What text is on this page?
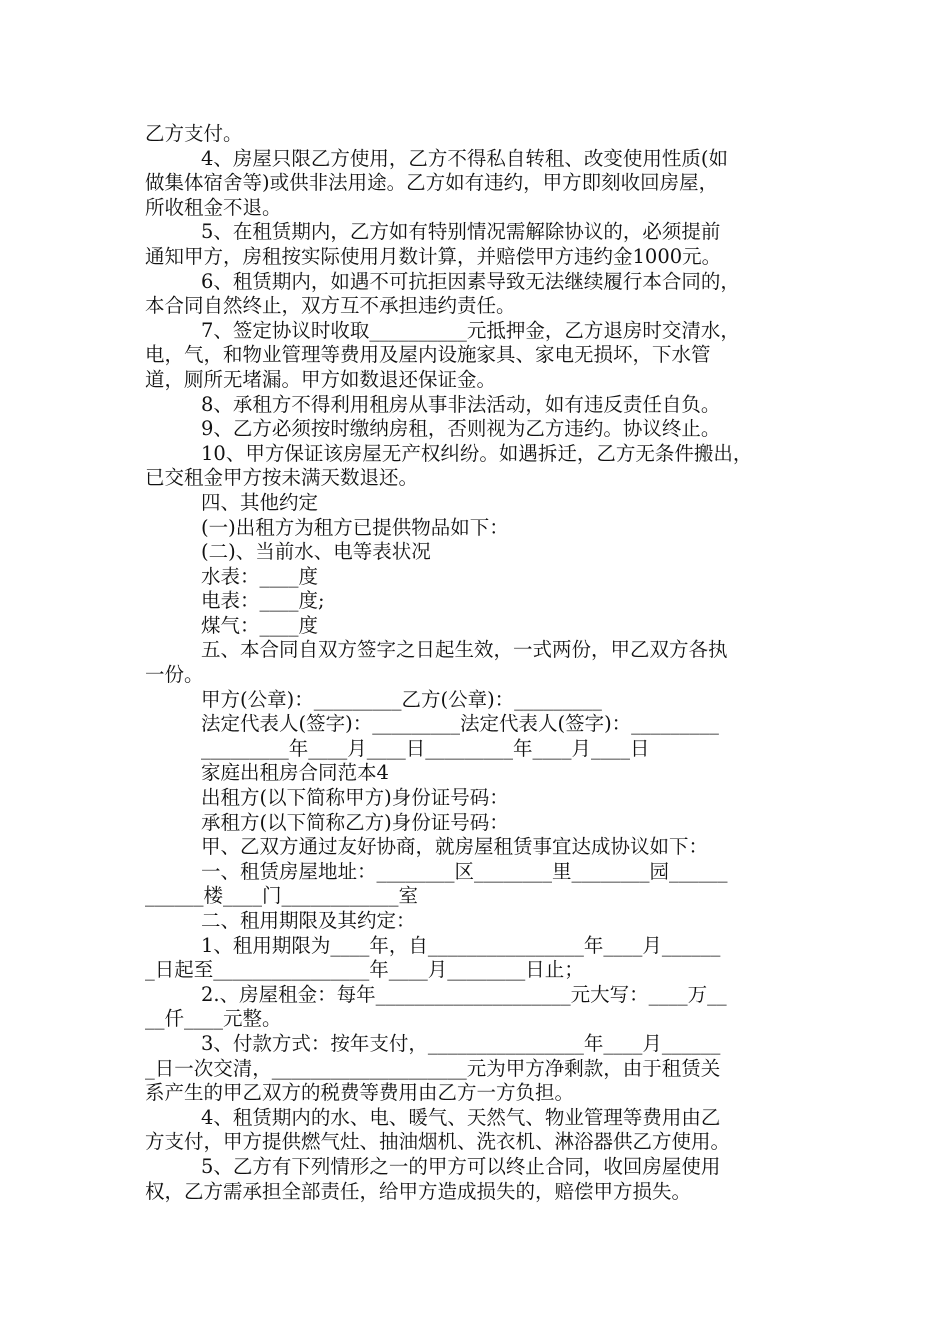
乙方支付。

4、房屋只限乙方使用，乙方不得私自转租、改变使用性质(如

做集体宿舍等)或供非法用途。乙方如有违约，甲方即刻收回房屋，

所收租金不退。

5、在租赁期内，乙方如有特别情况需解除协议的，必须提前

通知甲方，房租按实际使用月数计算，并赔偿甲方违约金1000元。

6、租赁期内，如遇不可抗拒因素导致无法继续履行本合同的，

本合同自然终止，双方互不承担违约责任。

7、签定协议时收取__________元抵押金，乙方退房时交清水，

电，气，和物业管理等费用及屋内设施家具、家电无损坏，下水管

道，厕所无堵漏。甲方如数退还保证金。

8、承租方不得利用租房从事非法活动，如有违反责任自负。

9、乙方必须按时缴纳房租，否则视为乙方违约。协议终止。

10、甲方保证该房屋无产权纠纷。如遇拆迁，乙方无条件搬出，

已交租金甲方按未满天数退还。

四、其他约定

(一)出租方为租方已提供物品如下：

(二)、当前水、电等表状况

水表：____度

电表：____度;

煤气：____度

五、本合同自双方签字之日起生效，一式两份，甲乙双方各执

一份。

甲方(公章)：_________乙方(公章)：_________

法定代表人(签字)：_________法定代表人(签字)：_________

_________年____月____日_________年____月____日

家庭出租房合同范本4

出租方(以下简称甲方)身份证号码：

承租方(以下简称乙方)身份证号码：

甲、乙双方通过友好协商，就房屋租赁事宜达成协议如下：

一、租赁房屋地址：________区________里________园______

______楼____门____________室

二、租用期限及其约定：

1、租用期限为____年，自________________年____月______

_日起至________________年____月________日止；

2.、房屋租金：每年____________________元大写：____万__

__仟____元整。

3、付款方式：按年支付，________________年____月______

_日一次交清，____________________元为甲方净剩款，由于租赁关

系产生的甲乙双方的税费等费用由乙方一方负担。

4、租赁期内的水、电、暖气、天然气、物业管理等费用由乙

方支付，甲方提供燃气灶、抽油烟机、洗衣机、淋浴器供乙方使用。

5、乙方有下列情形之一的甲方可以终止合同，收回房屋使用

权，乙方需承担全部责任，给甲方造成损失的，赔偿甲方损失。
